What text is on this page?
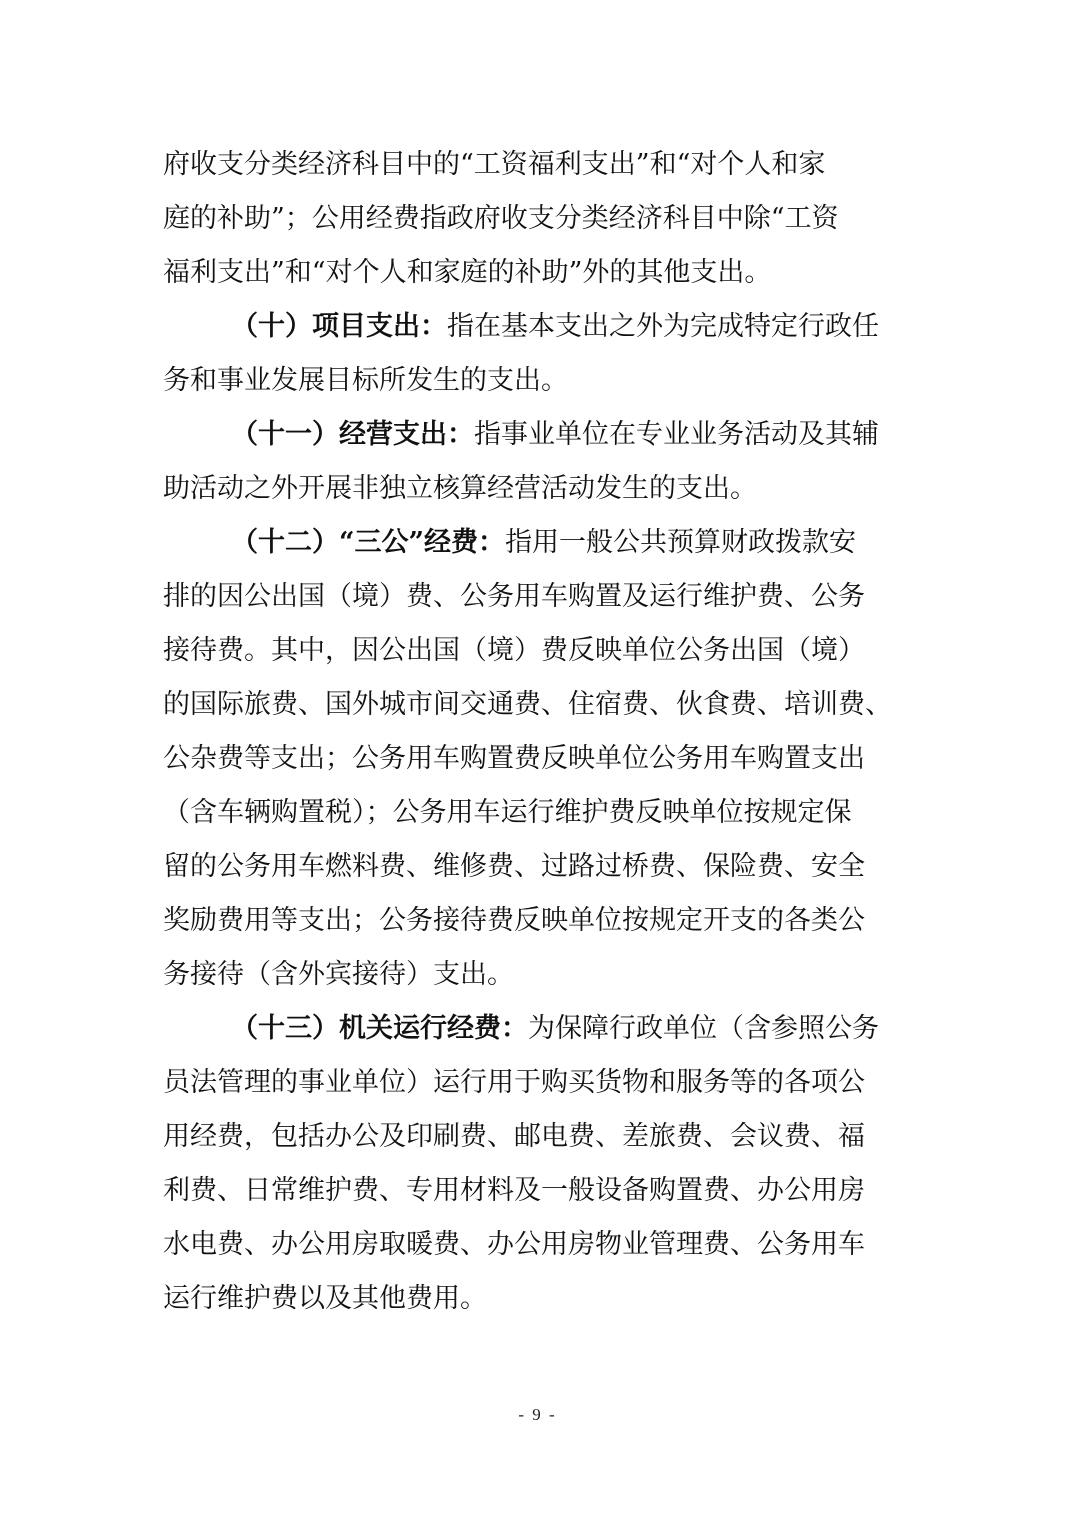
府收支分类经济科目中的“工资福利支出”和“对个人和家
庭的补助”；公用经费指政府收支分类经济科目中除“工资
福利支出”和“对个人和家庭的补助”外的其他支出。
（十）项目支出：指在基本支出之外为完成特定行政任
务和事业发展目标所发生的支出。
（十一）经营支出：指事业单位在专业业务活动及其辅
助活动之外开展非独立核算经营活动发生的支出。
（十二）“三公”经费：指用一般公共预算财政拨款安
排的因公出国（境）费、公务用车购置及运行维护费、公务
接待费。其中，因公出国（境）费反映单位公务出国（境）
的国际旅费、国外城市间交通费、住宿费、伙食费、培训费、
公杂费等支出；公务用车购置费反映单位公务用车购置支出
（含车辆购置税）；公务用车运行维护费反映单位按规定保
留的公务用车燃料费、维修费、过路过桥费、保险费、安全
奖励费用等支出；公务接待费反映单位按规定开支的各类公
务接待（含外宾接待）支出。
（十三）机关运行经费：为保障行政单位（含参照公务
员法管理的事业单位）运行用于购买货物和服务等的各项公
用经费，包括办公及印刷费、邮电费、差旅费、会议费、福
利费、日常维护费、专用材料及一般设备购置费、办公用房
水电费、办公用房取暖费、办公用房物业管理费、公务用车
运行维护费以及其他费用。
- 9 -
